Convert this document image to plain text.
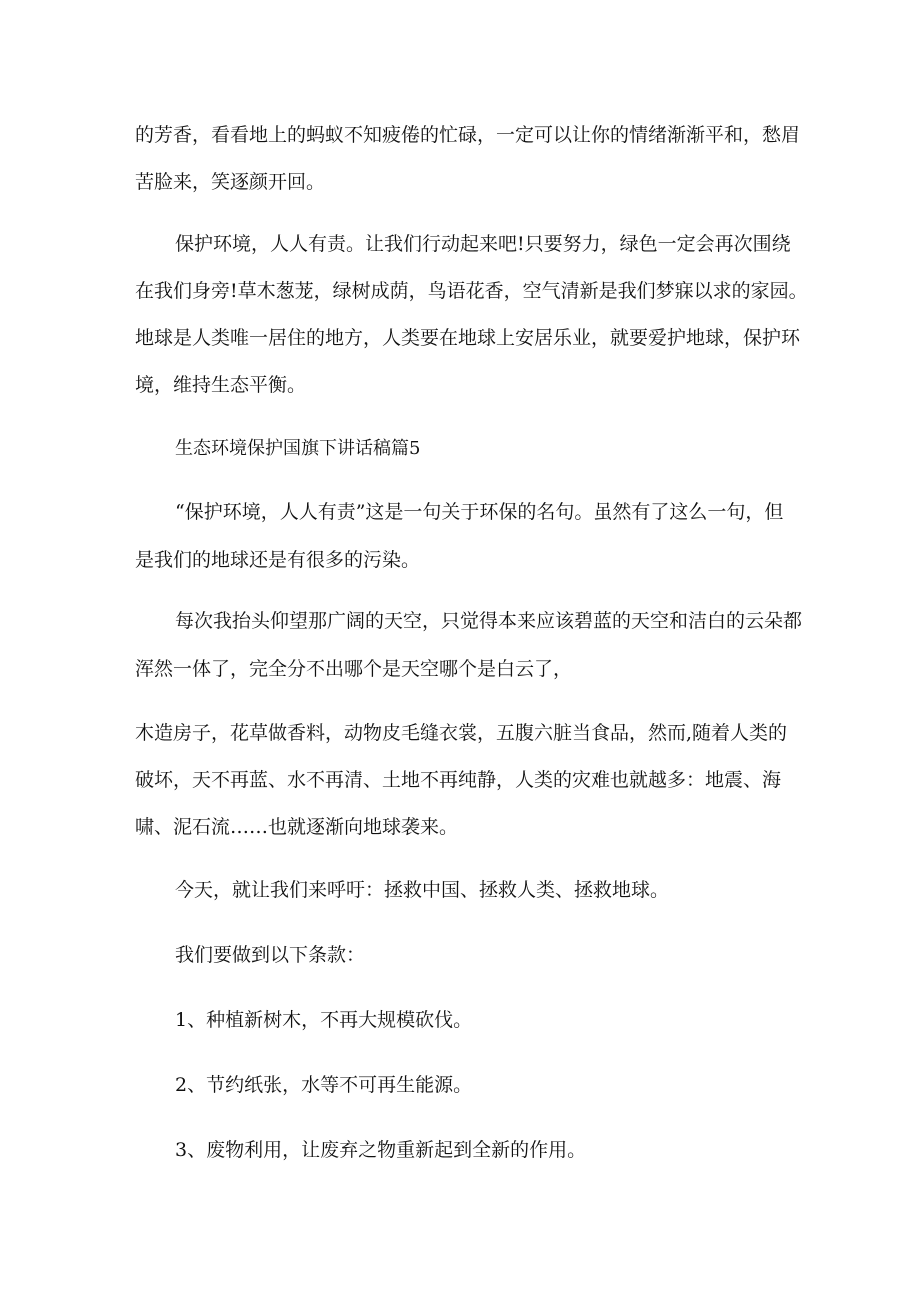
的芳香，看看地上的蚂蚁不知疲倦的忙碌，一定可以让你的情绪渐渐平和，愁眉

苦脸来，笑逐颜开回。

保护环境，人人有责。让我们行动起来吧!只要努力，绿色一定会再次围绕

在我们身旁!草木葱茏，绿树成荫，鸟语花香，空气清新是我们梦寐以求的家园。

地球是人类唯一居住的地方，人类要在地球上安居乐业，就要爱护地球，保护环

境，维持生态平衡。

生态环境保护国旗下讲话稿篇5

“保护环境，人人有责”这是一句关于环保的名句。虽然有了这么一句，但

是我们的地球还是有很多的污染。

每次我抬头仰望那广阔的天空，只觉得本来应该碧蓝的天空和洁白的云朵都

浑然一体了，完全分不出哪个是天空哪个是白云了，

木造房子，花草做香料，动物皮毛缝衣裳，五腹六脏当食品，然而,随着人类的

破坏，天不再蓝、水不再清、土地不再纯静，人类的灾难也就越多：地震、海

啸、泥石流……也就逐渐向地球袭来。

今天，就让我们来呼吁：拯救中国、拯救人类、拯救地球。

我们要做到以下条款：

1、种植新树木，不再大规模砍伐。

2、节约纸张，水等不可再生能源。

3、废物利用，让废弃之物重新起到全新的作用。
